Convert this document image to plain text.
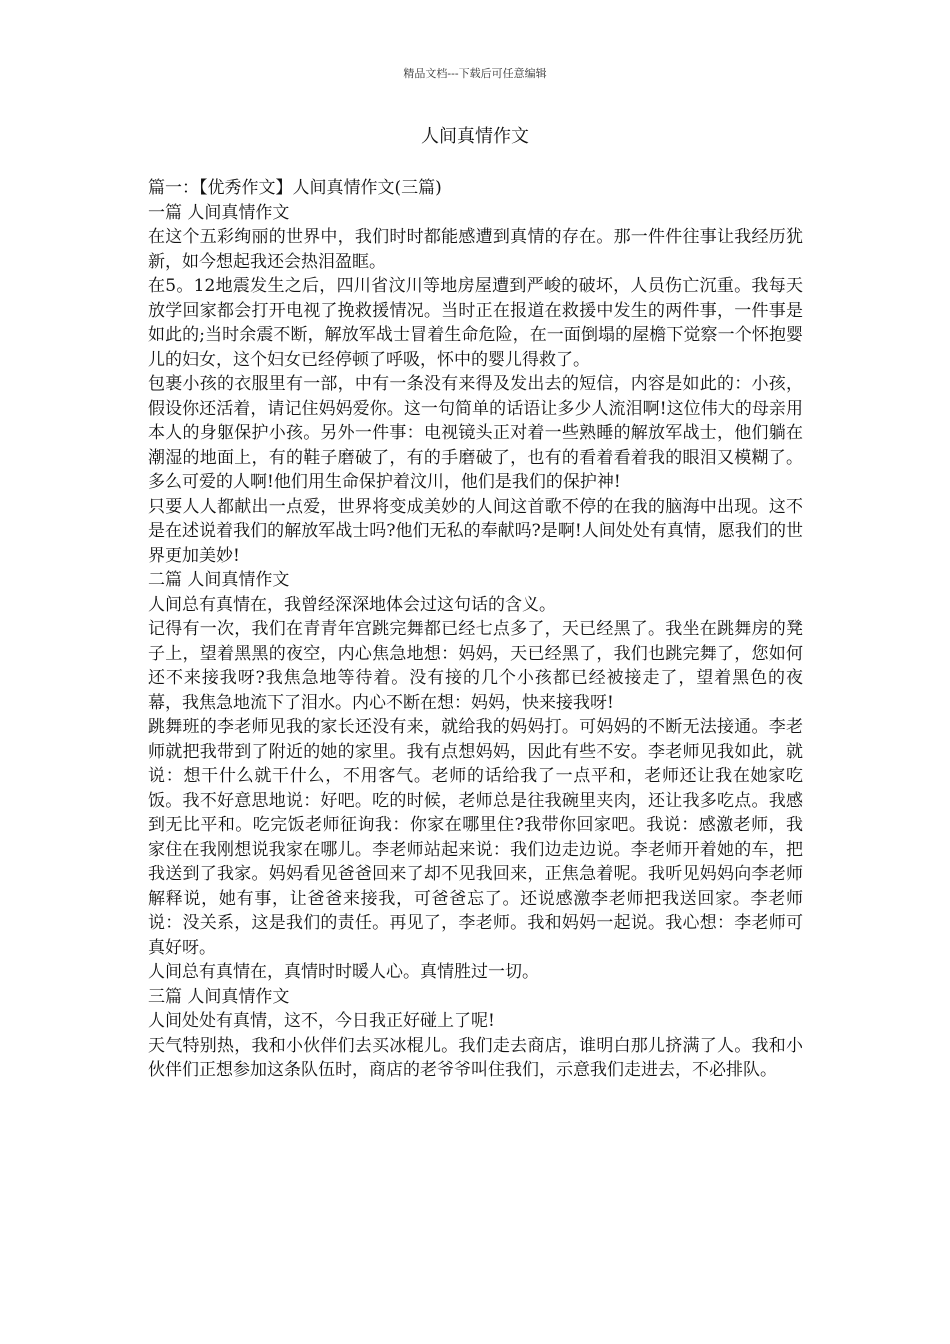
精品文档---下载后可任意编辑
人间真情作文

篇一：【优秀作文】人间真情作文(三篇)

一篇 人间真情作文

在这个五彩绚丽的世界中，我们时时都能感遭到真情的存在。那一件件往事让我经历犹新，如今想起我还会热泪盈眶。

在5。12地震发生之后，四川省汶川等地房屋遭到严峻的破坏，人员伤亡沉重。我每天放学回家都会打开电视了挽救援情况。当时正在报道在救援中发生的两件事，一件事是如此的;当时余震不断，解放军战士冒着生命危险，在一面倒塌的屋檐下觉察一个怀抱婴儿的妇女，这个妇女已经停顿了呼吸，怀中的婴儿得救了。

包裹小孩的衣服里有一部，中有一条没有来得及发出去的短信，内容是如此的：小孩，假设你还活着，请记住妈妈爱你。这一句简单的话语让多少人流泪啊!这位伟大的母亲用本人的身躯保护小孩。另外一件事：电视镜头正对着一些熟睡的解放军战士，他们躺在潮湿的地面上，有的鞋子磨破了，有的手磨破了，也有的看着看着我的眼泪又模糊了。多么可爱的人啊!他们用生命保护着汶川，他们是我们的保护神!

只要人人都献出一点爱，世界将变成美妙的人间这首歌不停的在我的脑海中出现。这不是在述说着我们的解放军战士吗?他们无私的奉献吗?是啊!人间处处有真情，愿我们的世界更加美妙!

二篇 人间真情作文

人间总有真情在，我曾经深深地体会过这句话的含义。

记得有一次，我们在青青年宫跳完舞都已经七点多了，天已经黑了。我坐在跳舞房的凳子上，望着黑黑的夜空，内心焦急地想：妈妈，天已经黑了，我们也跳完舞了，您如何还不来接我呀?我焦急地等待着。没有接的几个小孩都已经被接走了，望着黑色的夜幕，我焦急地流下了泪水。内心不断在想：妈妈，快来接我呀!

跳舞班的李老师见我的家长还没有来，就给我的妈妈打。可妈妈的不断无法接通。李老师就把我带到了附近的她的家里。我有点想妈妈，因此有些不安。李老师见我如此，就说：想干什么就干什么，不用客气。老师的话给我了一点平和，老师还让我在她家吃饭。我不好意思地说：好吧。吃的时候，老师总是往我碗里夹肉，还让我多吃点。我感到无比平和。吃完饭老师征询我：你家在哪里住?我带你回家吧。我说：感激老师，我家住在我刚想说我家在哪儿。李老师站起来说：我们边走边说。李老师开着她的车，把我送到了我家。妈妈看见爸爸回来了却不见我回来，正焦急着呢。我听见妈妈向李老师解释说，她有事，让爸爸来接我，可爸爸忘了。还说感激李老师把我送回家。李老师说：没关系，这是我们的责任。再见了，李老师。我和妈妈一起说。我心想：李老师可真好呀。

人间总有真情在，真情时时暖人心。真情胜过一切。

三篇 人间真情作文

人间处处有真情，这不，今日我正好碰上了呢!

天气特别热，我和小伙伴们去买冰棍儿。我们走去商店，谁明白那儿挤满了人。我和小伙伴们正想参加这条队伍时，商店的老爷爷叫住我们，示意我们走进去，不必排队。
